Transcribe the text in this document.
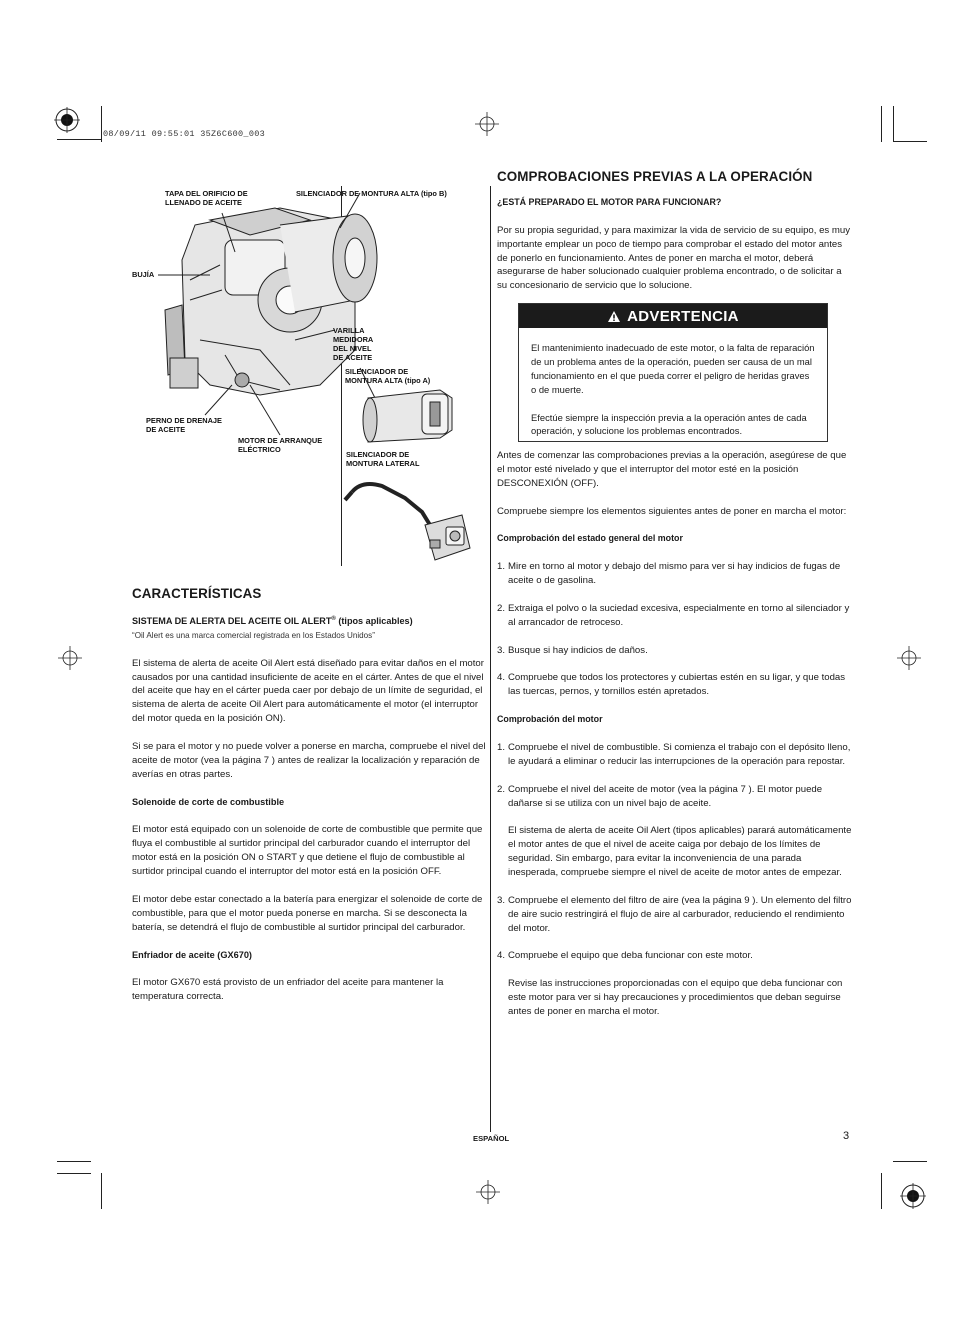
08/09/11 09:55:01 35Z6C600_003
TAPA DEL ORIFICIO DE
LLENADO DE ACEITE
SILENCIADOR DE MONTURA ALTA (tipo B)
BUJÍA
VARILLA
MEDIDORA
DEL NIVEL
DE ACEITE
SILENCIADOR DE
MONTURA ALTA (tipo A)
PERNO DE DRENAJE
DE ACEITE
MOTOR DE ARRANQUE
ELÉCTRICO
SILENCIADOR DE
MONTURA LATERAL
CARACTERÍSTICAS
SISTEMA DE ALERTA DEL ACEITE OIL ALERT® (tipos aplicables)

“Oil Alert es una marca comercial registrada en los Estados Unidos”

El sistema de alerta de aceite Oil Alert está diseñado para evitar daños en el motor causados por una cantidad insuficiente de aceite en el cárter. Antes de que el nivel del aceite que hay en el cárter pueda caer por debajo de un límite de seguridad, el sistema de alerta de aceite Oil Alert para automáticamente el motor (el interruptor del motor queda en la posición ON).

Si se para el motor y no puede volver a ponerse en marcha, compruebe el nivel del aceite de motor (vea la página 7 ) antes de realizar la localización y reparación de averías en otras partes.

Solenoide de corte de combustible

El motor está equipado con un solenoide de corte de combustible que permite que fluya el combustible al surtidor principal del carburador cuando el interruptor del motor está en la posición ON o START y que detiene el flujo de combustible al surtidor principal cuando el interruptor del motor está en la posición OFF.

El motor debe estar conectado a la batería para energizar el solenoide de corte de combustible, para que el motor pueda ponerse en marcha. Si se desconecta la batería, se detendrá el flujo de combustible al surtidor principal del carburador.

Enfriador de aceite (GX670)

El motor GX670 está provisto de un enfriador del aceite para mantener la temperatura correcta.

COMPROBACIONES PREVIAS A LA OPERACIÓN
¿ESTÁ PREPARADO EL MOTOR PARA FUNCIONAR?

Por su propia seguridad, y para maximizar la vida de servicio de su equipo, es muy importante emplear un poco de tiempo para comprobar el estado del motor antes de ponerlo en funcionamiento. Antes de poner en marcha el motor, deberá asegurarse de haber solucionado cualquier problema encontrado, o de solicitar a su concesionario de servicio que lo solucione.

ADVERTENCIA

El mantenimiento inadecuado de este motor, o la falta de reparación de un problema antes de la operación, pueden ser causa de un mal funcionamiento en el que pueda correr el peligro de heridas graves o de muerte.

Efectúe siempre la inspección previa a la operación antes de cada operación, y solucione los problemas encontrados.

Antes de comenzar las comprobaciones previas a la operación, asegúrese de que el motor esté nivelado y que el interruptor del motor esté en la posición DESCONEXIÓN (OFF).

Compruebe siempre los elementos siguientes antes de poner en marcha el motor:

Comprobación del estado general del motor

1. Mire en torno al motor y debajo del mismo para ver si hay indicios de fugas de aceite o de gasolina.
2. Extraiga el polvo o la suciedad excesiva, especialmente en torno al silenciador y al arrancador de retroceso.
3. Busque si hay indicios de daños.
4. Compruebe que todos los protectores y cubiertas estén en su ligar, y que todas las tuercas, pernos, y tornillos estén apretados.

Comprobación del motor

1. Compruebe el nivel de combustible. Si comienza el trabajo con el depósito lleno, le ayudará a eliminar o reducir las interrupciones de la operación para repostar.
2. Compruebe el nivel del aceite de motor (vea la página 7 ). El motor puede dañarse si se utiliza con un nivel bajo de aceite.

El sistema de alerta de aceite Oil Alert (tipos aplicables) parará automáticamente el motor antes de que el nivel de aceite caiga por debajo de los límites de seguridad. Sin embargo, para evitar la inconveniencia de una parada inesperada, compruebe siempre el nivel de aceite de motor antes de empezar.
3. Compruebe el elemento del filtro de aire (vea la página 9 ). Un elemento del filtro de aire sucio restringirá el flujo de aire al carburador, reduciendo el rendimiento del motor.
4. Compruebe el equipo que deba funcionar con este motor.

Revise las instrucciones proporcionadas con el equipo que deba funcionar con este motor para ver si hay precauciones y procedimientos que deban seguirse antes de poner en marcha el motor.
ESPAÑOL	3
